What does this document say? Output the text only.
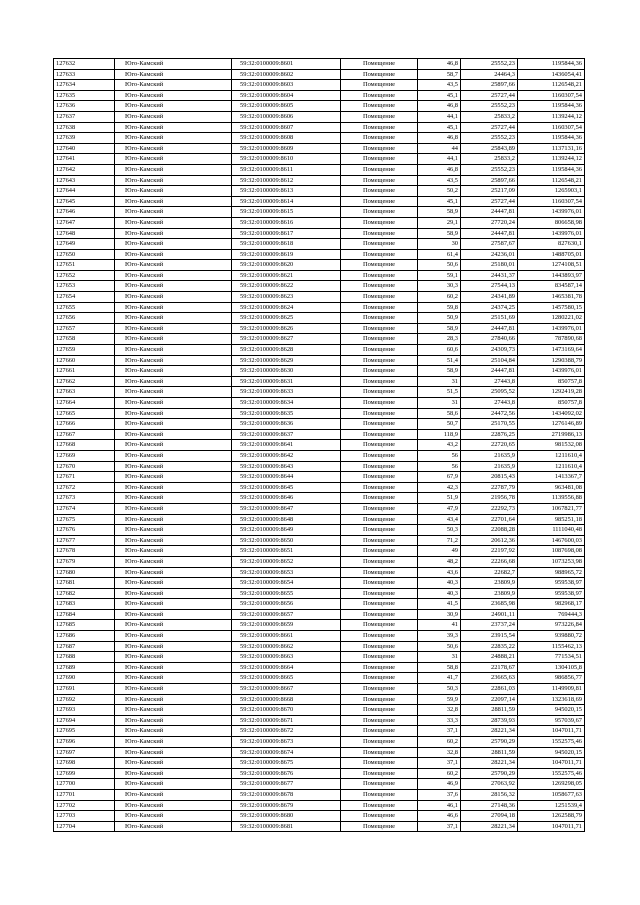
127632	Юго-Камский	59:32:0100009:8601	Помещение	46,8	25552,23	1195844,36
127633	Юго-Камский	59:32:0100009:8602	Помещение	58,7	24464,3	1436054,41
127634	Юго-Камский	59:32:0100009:8603	Помещение	43,5	25897,66	1126548,21
127635	Юго-Камский	59:32:0100009:8604	Помещение	45,1	25727,44	1160307,54
127636	Юго-Камский	59:32:0100009:8605	Помещение	46,8	25552,23	1195844,36
127637	Юго-Камский	59:32:0100009:8606	Помещение	44,1	25833,2	1139244,12
127638	Юго-Камский	59:32:0100009:8607	Помещение	45,1	25727,44	1160307,54
127639	Юго-Камский	59:32:0100009:8608	Помещение	46,8	25552,23	1195844,36
127640	Юго-Камский	59:32:0100009:8609	Помещение	44	25843,89	1137131,16
127641	Юго-Камский	59:32:0100009:8610	Помещение	44,1	25833,2	1139244,12
127642	Юго-Камский	59:32:0100009:8611	Помещение	46,8	25552,23	1195844,36
127643	Юго-Камский	59:32:0100009:8612	Помещение	43,5	25897,66	1126548,21
127644	Юго-Камский	59:32:0100009:8613	Помещение	50,2	25217,09	1265903,1
127645	Юго-Камский	59:32:0100009:8614	Помещение	45,1	25727,44	1160307,54
127646	Юго-Камский	59:32:0100009:8615	Помещение	58,9	24447,81	1439976,01
127647	Юго-Камский	59:32:0100009:8616	Помещение	29,1	27720,24	806658,98
127648	Юго-Камский	59:32:0100009:8617	Помещение	58,9	24447,81	1439976,01
127649	Юго-Камский	59:32:0100009:8618	Помещение	30	27587,67	827630,1
127650	Юго-Камский	59:32:0100009:8619	Помещение	61,4	24236,01	1488705,01
127651	Юго-Камский	59:32:0100009:8620	Помещение	50,6	25180,01	1274108,51
127652	Юго-Камский	59:32:0100009:8621	Помещение	59,1	24431,37	1443893,97
127653	Юго-Камский	59:32:0100009:8622	Помещение	30,3	27544,13	834587,14
127654	Юго-Камский	59:32:0100009:8623	Помещение	60,2	24341,89	1465381,78
127655	Юго-Камский	59:32:0100009:8624	Помещение	59,8	24374,25	1457580,15
127656	Юго-Камский	59:32:0100009:8625	Помещение	50,9	25151,69	1280221,02
127657	Юго-Камский	59:32:0100009:8626	Помещение	58,9	24447,81	1439976,01
127658	Юго-Камский	59:32:0100009:8627	Помещение	28,3	27840,66	787890,68
127659	Юго-Камский	59:32:0100009:8628	Помещение	60,6	24309,73	1473169,64
127660	Юго-Камский	59:32:0100009:8629	Помещение	51,4	25104,84	1290388,79
127661	Юго-Камский	59:32:0100009:8630	Помещение	58,9	24447,81	1439976,01
127662	Юго-Камский	59:32:0100009:8631	Помещение	31	27443,8	850757,8
127663	Юго-Камский	59:32:0100009:8633	Помещение	51,5	25095,52	1292419,28
127664	Юго-Камский	59:32:0100009:8634	Помещение	31	27443,8	850757,8
127665	Юго-Камский	59:32:0100009:8635	Помещение	58,6	24472,56	1434092,02
127666	Юго-Камский	59:32:0100009:8636	Помещение	50,7	25170,55	1276146,89
127667	Юго-Камский	59:32:0100009:8637	Помещение	118,9	22876,25	2719986,13
127668	Юго-Камский	59:32:0100009:8641	Помещение	43,2	22720,65	981532,08
127669	Юго-Камский	59:32:0100009:8642	Помещение	56	21635,9	1211610,4
127670	Юго-Камский	59:32:0100009:8643	Помещение	56	21635,9	1211610,4
127671	Юго-Камский	59:32:0100009:8644	Помещение	67,9	20815,43	1413367,7
127672	Юго-Камский	59:32:0100009:8645	Помещение	42,3	22787,79	963481,08
127673	Юго-Камский	59:32:0100009:8646	Помещение	51,9	21956,78	1139556,88
127674	Юго-Камский	59:32:0100009:8647	Помещение	47,9	22292,73	1067821,77
127675	Юго-Камский	59:32:0100009:8648	Помещение	43,4	22701,64	985251,18
127676	Юго-Камский	59:32:0100009:8649	Помещение	50,3	22088,28	1111040,48
127677	Юго-Камский	59:32:0100009:8650	Помещение	71,2	20612,36	1467600,03
127678	Юго-Камский	59:32:0100009:8651	Помещение	49	22197,92	1087698,08
127679	Юго-Камский	59:32:0100009:8652	Помещение	48,2	22266,68	1073253,98
127680	Юго-Камский	59:32:0100009:8653	Помещение	43,6	22682,7	988965,72
127681	Юго-Камский	59:32:0100009:8654	Помещение	40,3	23809,9	959538,97
127682	Юго-Камский	59:32:0100009:8655	Помещение	40,3	23809,9	959538,97
127683	Юго-Камский	59:32:0100009:8656	Помещение	41,5	23685,98	982968,17
127684	Юго-Камский	59:32:0100009:8657	Помещение	30,9	24901,11	769444,3
127685	Юго-Камский	59:32:0100009:8659	Помещение	41	23737,24	973226,84
127686	Юго-Камский	59:32:0100009:8661	Помещение	39,3	23915,54	939880,72
127687	Юго-Камский	59:32:0100009:8662	Помещение	50,6	22835,22	1155462,13
127688	Юго-Камский	59:32:0100009:8663	Помещение	31	24888,21	771534,51
127689	Юго-Камский	59:32:0100009:8664	Помещение	58,8	22178,67	1304105,8
127690	Юго-Камский	59:32:0100009:8665	Помещение	41,7	23665,63	986856,77
127691	Юго-Камский	59:32:0100009:8667	Помещение	50,3	22861,03	1149909,81
127692	Юго-Камский	59:32:0100009:8668	Помещение	59,9	22097,14	1323618,69
127693	Юго-Камский	59:32:0100009:8670	Помещение	32,8	28811,59	945020,15
127694	Юго-Камский	59:32:0100009:8671	Помещение	33,3	28739,93	957039,67
127695	Юго-Камский	59:32:0100009:8672	Помещение	37,1	28221,34	1047011,71
127696	Юго-Камский	59:32:0100009:8673	Помещение	60,2	25790,29	1552575,46
127697	Юго-Камский	59:32:0100009:8674	Помещение	32,8	28811,59	945020,15
127698	Юго-Камский	59:32:0100009:8675	Помещение	37,1	28221,34	1047011,71
127699	Юго-Камский	59:32:0100009:8676	Помещение	60,2	25790,29	1552575,46
127700	Юго-Камский	59:32:0100009:8677	Помещение	46,9	27063,92	1269298,05
127701	Юго-Камский	59:32:0100009:8678	Помещение	37,6	28156,32	1058677,63
127702	Юго-Камский	59:32:0100009:8679	Помещение	46,1	27148,36	1251539,4
127703	Юго-Камский	59:32:0100009:8680	Помещение	46,6	27094,18	1262588,79
127704	Юго-Камский	59:32:0100009:8681	Помещение	37,1	28221,34	1047011,71
